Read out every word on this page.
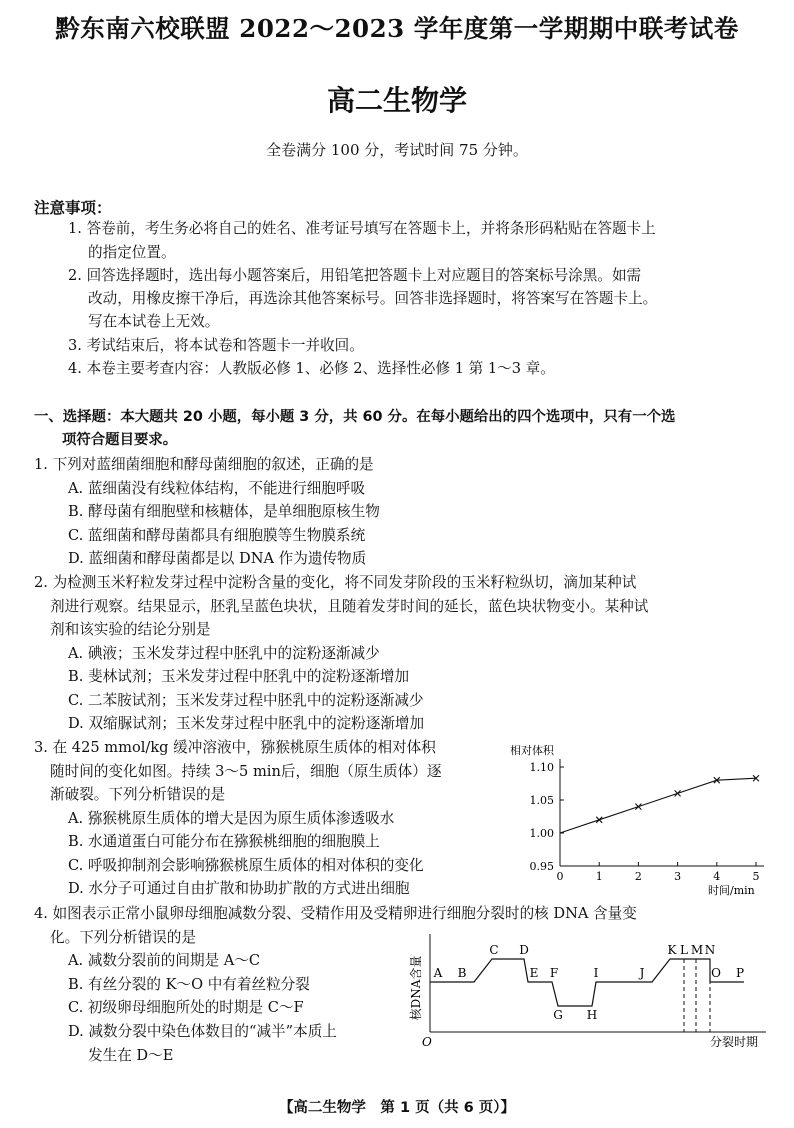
黔东南六校联盟 2022～2023 学年度第一学期期中联考试卷
高二生物学
全卷满分 100 分，考试时间 75 分钟。
注意事项：
1. 答卷前，考生务必将自己的姓名、准考证号填写在答题卡上，并将条形码粘贴在答题卡上
的指定位置。
2. 回答选择题时，选出每小题答案后，用铅笔把答题卡上对应题目的答案标号涂黑。如需
改动，用橡皮擦干净后，再选涂其他答案标号。回答非选择题时，将答案写在答题卡上。
写在本试卷上无效。
3. 考试结束后，将本试卷和答题卡一并收回。
4. 本卷主要考查内容：人教版必修 1、必修 2、选择性必修 1 第 1～3 章。
一、选择题：本大题共 20 小题，每小题 3 分，共 60 分。在每小题给出的四个选项中，只有一个选
项符合题目要求。
1. 下列对蓝细菌细胞和酵母菌细胞的叙述，正确的是
A. 蓝细菌没有线粒体结构，不能进行细胞呼吸
B. 酵母菌有细胞壁和核糖体，是单细胞原核生物
C. 蓝细菌和酵母菌都具有细胞膜等生物膜系统
D. 蓝细菌和酵母菌都是以 DNA 作为遗传物质
2. 为检测玉米籽粒发芽过程中淀粉含量的变化，将不同发芽阶段的玉米籽粒纵切，滴加某种试
剂进行观察。结果显示，胚乳呈蓝色块状，且随着发芽时间的延长，蓝色块状物变小。某种试
剂和该实验的结论分别是
A. 碘液；玉米发芽过程中胚乳中的淀粉逐渐减少
B. 斐林试剂；玉米发芽过程中胚乳中的淀粉逐渐增加
C. 二苯胺试剂；玉米发芽过程中胚乳中的淀粉逐渐减少
D. 双缩脲试剂；玉米发芽过程中胚乳中的淀粉逐渐增加
3. 在 425 mmol/kg 缓冲溶液中，猕猴桃原生质体的相对体积
随时间的变化如图。持续 3～5 min后，细胞（原生质体）逐
渐破裂。下列分析错误的是
A. 猕猴桃原生质体的增大是因为原生质体渗透吸水
B. 水通道蛋白可能分布在猕猴桃细胞的细胞膜上
C. 呼吸抑制剂会影响猕猴桃原生质体的相对体积的变化
D. 水分子可通过自由扩散和协助扩散的方式进出细胞
相对体积
时间/min
0	1	2	3	4	5
0.95
1.00
1.05
1.10
4. 如图表示正常小鼠卵母细胞减数分裂、受精作用及受精卵进行细胞分裂时的核 DNA 含量变
化。下列分析错误的是
A. 减数分裂前的间期是 A～C
B. 有丝分裂的 K～O 中有着丝粒分裂
C. 初级卵母细胞所处的时期是 C～F
D. 减数分裂中染色体数目的“减半”本质上
发生在 D～E
核DNA含量
O	分裂时期
A B
C D
E F
G H
I	J
K L M N
O P
【高二生物学　第 1 页（共 6 页）】
